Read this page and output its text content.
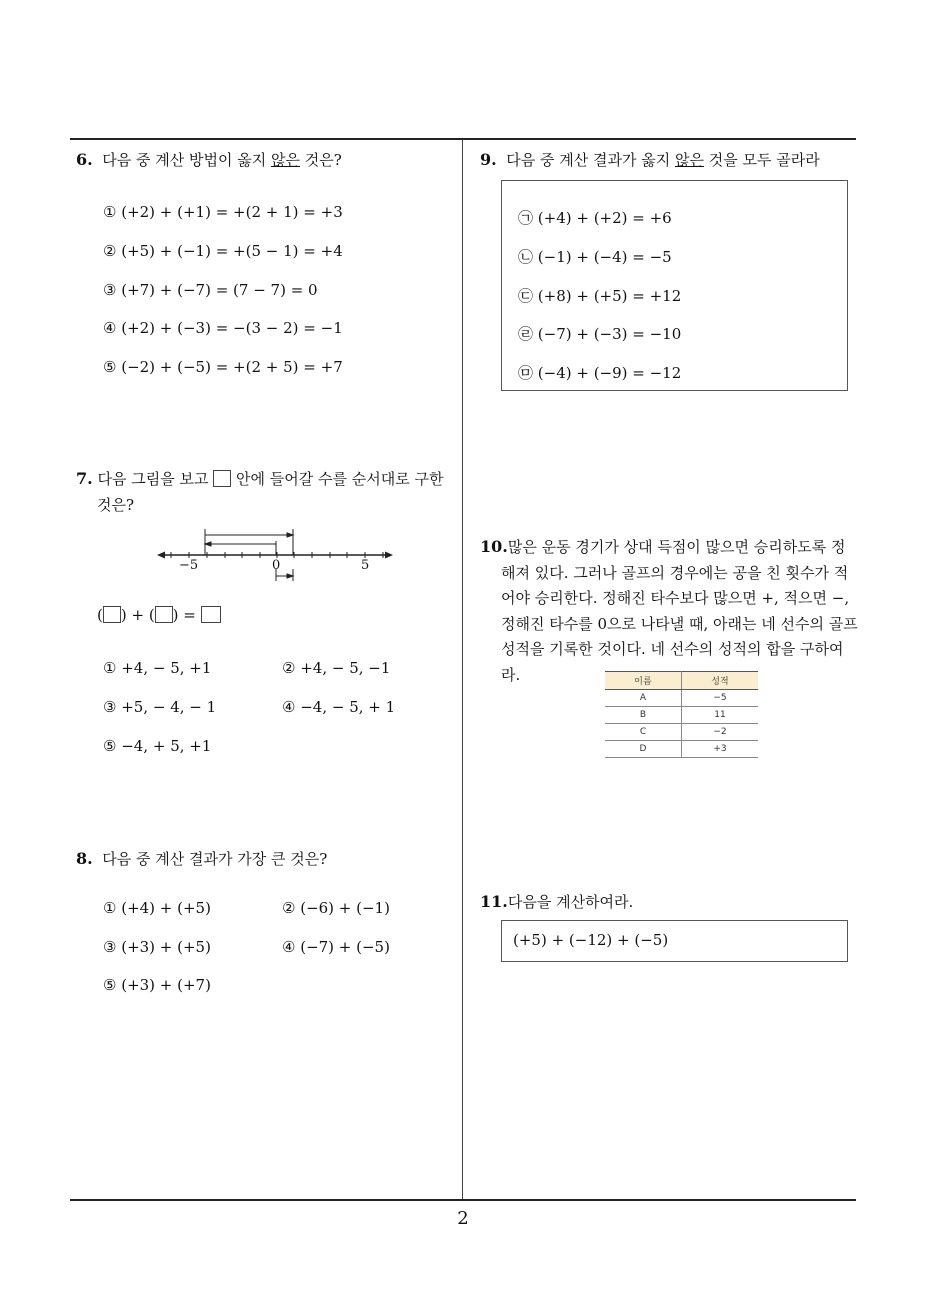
6. 다음 중 계산 방법이 옳지 않은 것은?
① (+2) + (+1) = +(2 + 1) = +3
② (+5) + (−1) = +(5 − 1) = +4
③ (+7) + (−7) = (7 − 7) = 0
④ (+2) + (−3) = −(3 − 2) = −1
⑤ (−2) + (−5) = +(2 + 5) = +7
7. 다음 그림을 보고 안에 들어갈 수를 순서대로 구한
것은?
−5	0	5
( ) + ( ) =
① +4, − 5, +1	② +4, − 5, −1
③ +5, − 4, − 1	④ −4, − 5, + 1
⑤ −4, + 5, +1
8. 다음 중 계산 결과가 가장 큰 것은?
① (+4) + (+5)	② (−6) + (−1)
③ (+3) + (+5)	④ (−7) + (−5)
⑤ (+3) + (+7)
9. 다음 중 계산 결과가 옳지 않은 것을 모두 골라라
㉠ (+4) + (+2) = +6
㉡ (−1) + (−4) = −5
㉢ (+8) + (+5) = +12
㉣ (−7) + (−3) = −10
㉤ (−4) + (−9) = −12
10.많은 운동 경기가 상대 득점이 많으면 승리하도록 정
해져 있다. 그러나 골프의 경우에는 공을 친 횟수가 적
어야 승리한다. 정해진 타수보다 많으면 +, 적으면 −,
정해진 타수를 0으로 나타낼 때, 아래는 네 선수의 골프
성적을 기록한 것이다. 네 선수의 성적의 합을 구하여라.	이름	성적
A	−5
B	11
C	−2
D	+3
11.다음을 계산하여라.
(+5) + (−12) + (−5)
2
